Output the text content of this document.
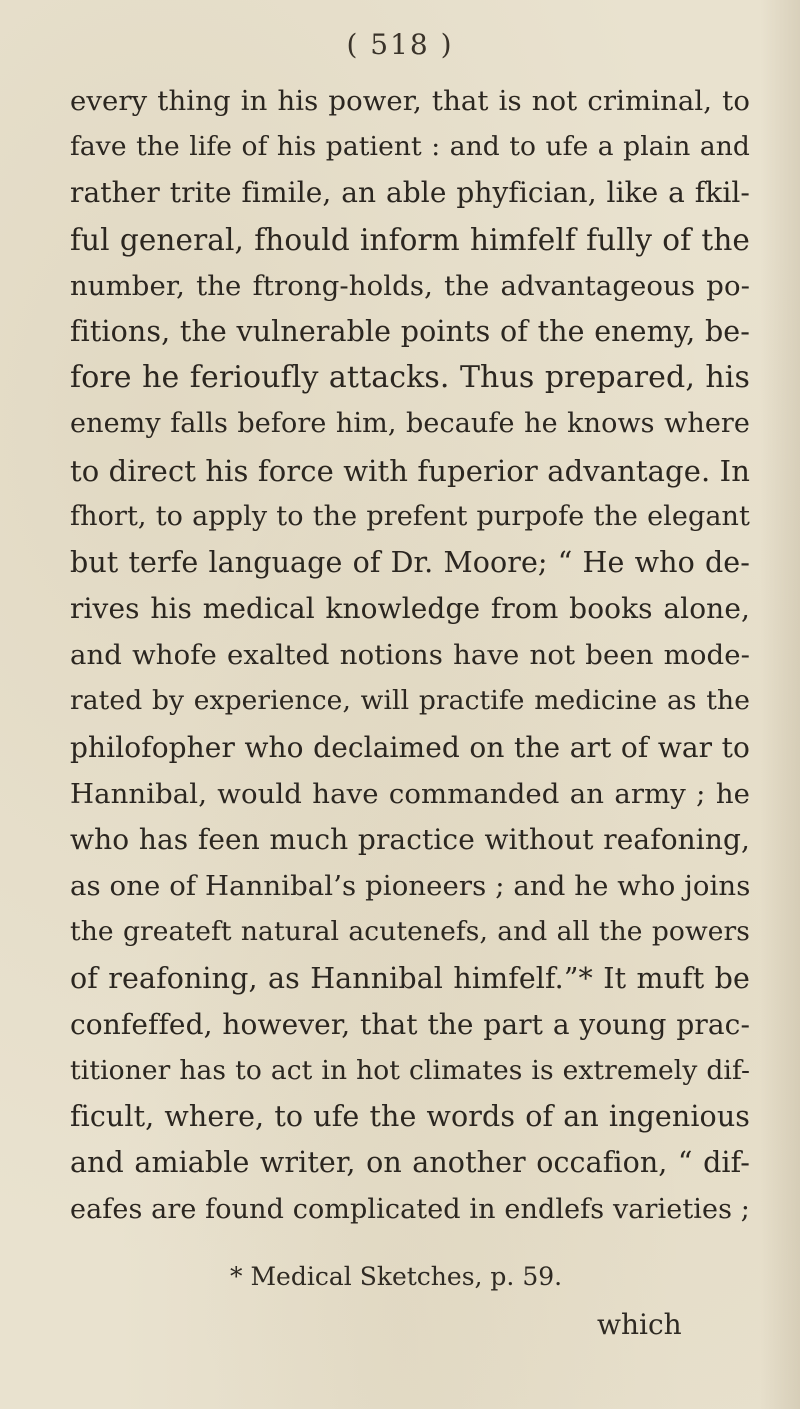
( 518 )
every thing in his power, that is not criminal, to
fave the life of his patient : and to ufe a plain and
rather trite fimile, an able phyfician, like a fkil-
ful general, fhould inform himfelf fully of the
number, the ftrong-holds, the advantageous po-
fitions, the vulnerable points of the enemy, be-
fore he ferioufly attacks. Thus prepared, his
enemy falls before him, becaufe he knows where
to direct his force with fuperior advantage. In
fhort, to apply to the prefent purpofe the elegant
but terfe language of Dr. Moore; “ He who de-
rives his medical knowledge from books alone,
and whofe exalted notions have not been mode-
rated by experience, will practife medicine as the
philofopher who declaimed on the art of war to
Hannibal, would have commanded an army ; he
who has feen much practice without reafoning,
as one of Hannibal’s pioneers ; and he who joins
the greateft natural acutenefs, and all the powers
of reafoning, as Hannibal himfelf.”* It muft be
confeffed, however, that the part a young prac-
titioner has to act in hot climates is extremely dif-
ficult, where, to ufe the words of an ingenious
and amiable writer, on another occafion, “ dif-
eafes are found complicated in endlefs varieties ;
* Medical Sketches, p. 59.
which
